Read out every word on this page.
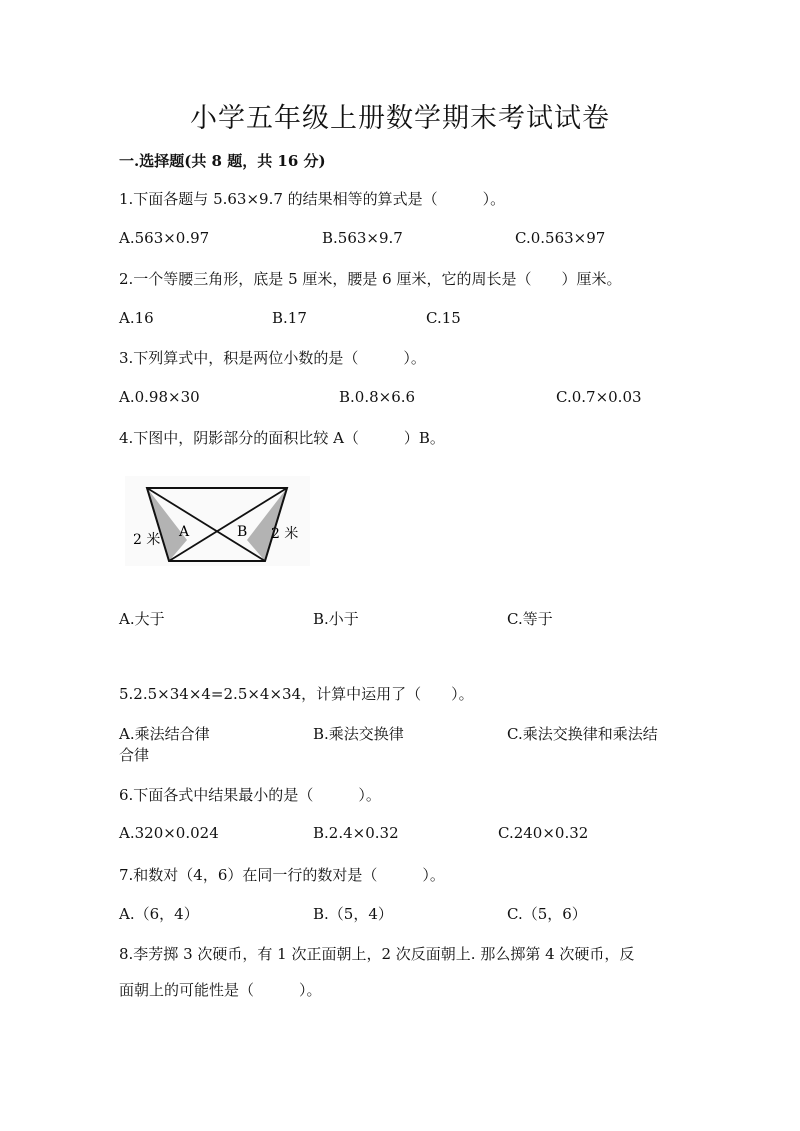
小学五年级上册数学期末考试试卷
一.选择题(共 8 题，共 16 分)
1.下面各题与 5.63×9.7 的结果相等的算式是（　　　）。
A.563×0.97	B.563×9.7	C.0.563×97
2.一个等腰三角形，底是 5 厘米，腰是 6 厘米，它的周长是（　　）厘米。
A.16	B.17	C.15
3.下列算式中，积是两位小数的是（　　　）。
A.0.98×30	B.0.8×6.6	C.0.7×0.03
4.下图中，阴影部分的面积比较 A（　　　）B。
A	B
2 米	2 米
A.大于	B.小于	C.等于
5.2.5×34×4=2.5×4×34，计算中运用了（　　）。
A.乘法结合律	B.乘法交换律	C.乘法交换律和乘法结
合律
6.下面各式中结果最小的是（　　　）。
A.320×0.024	B.2.4×0.32	C.240×0.32
7.和数对（4，6）在同一行的数对是（　　　）。
A.（6，4）	B.（5，4）	C.（5，6）
8.李芳掷 3 次硬币，有 1 次正面朝上，2 次反面朝上. 那么掷第 4 次硬币，反
面朝上的可能性是（　　　）。
